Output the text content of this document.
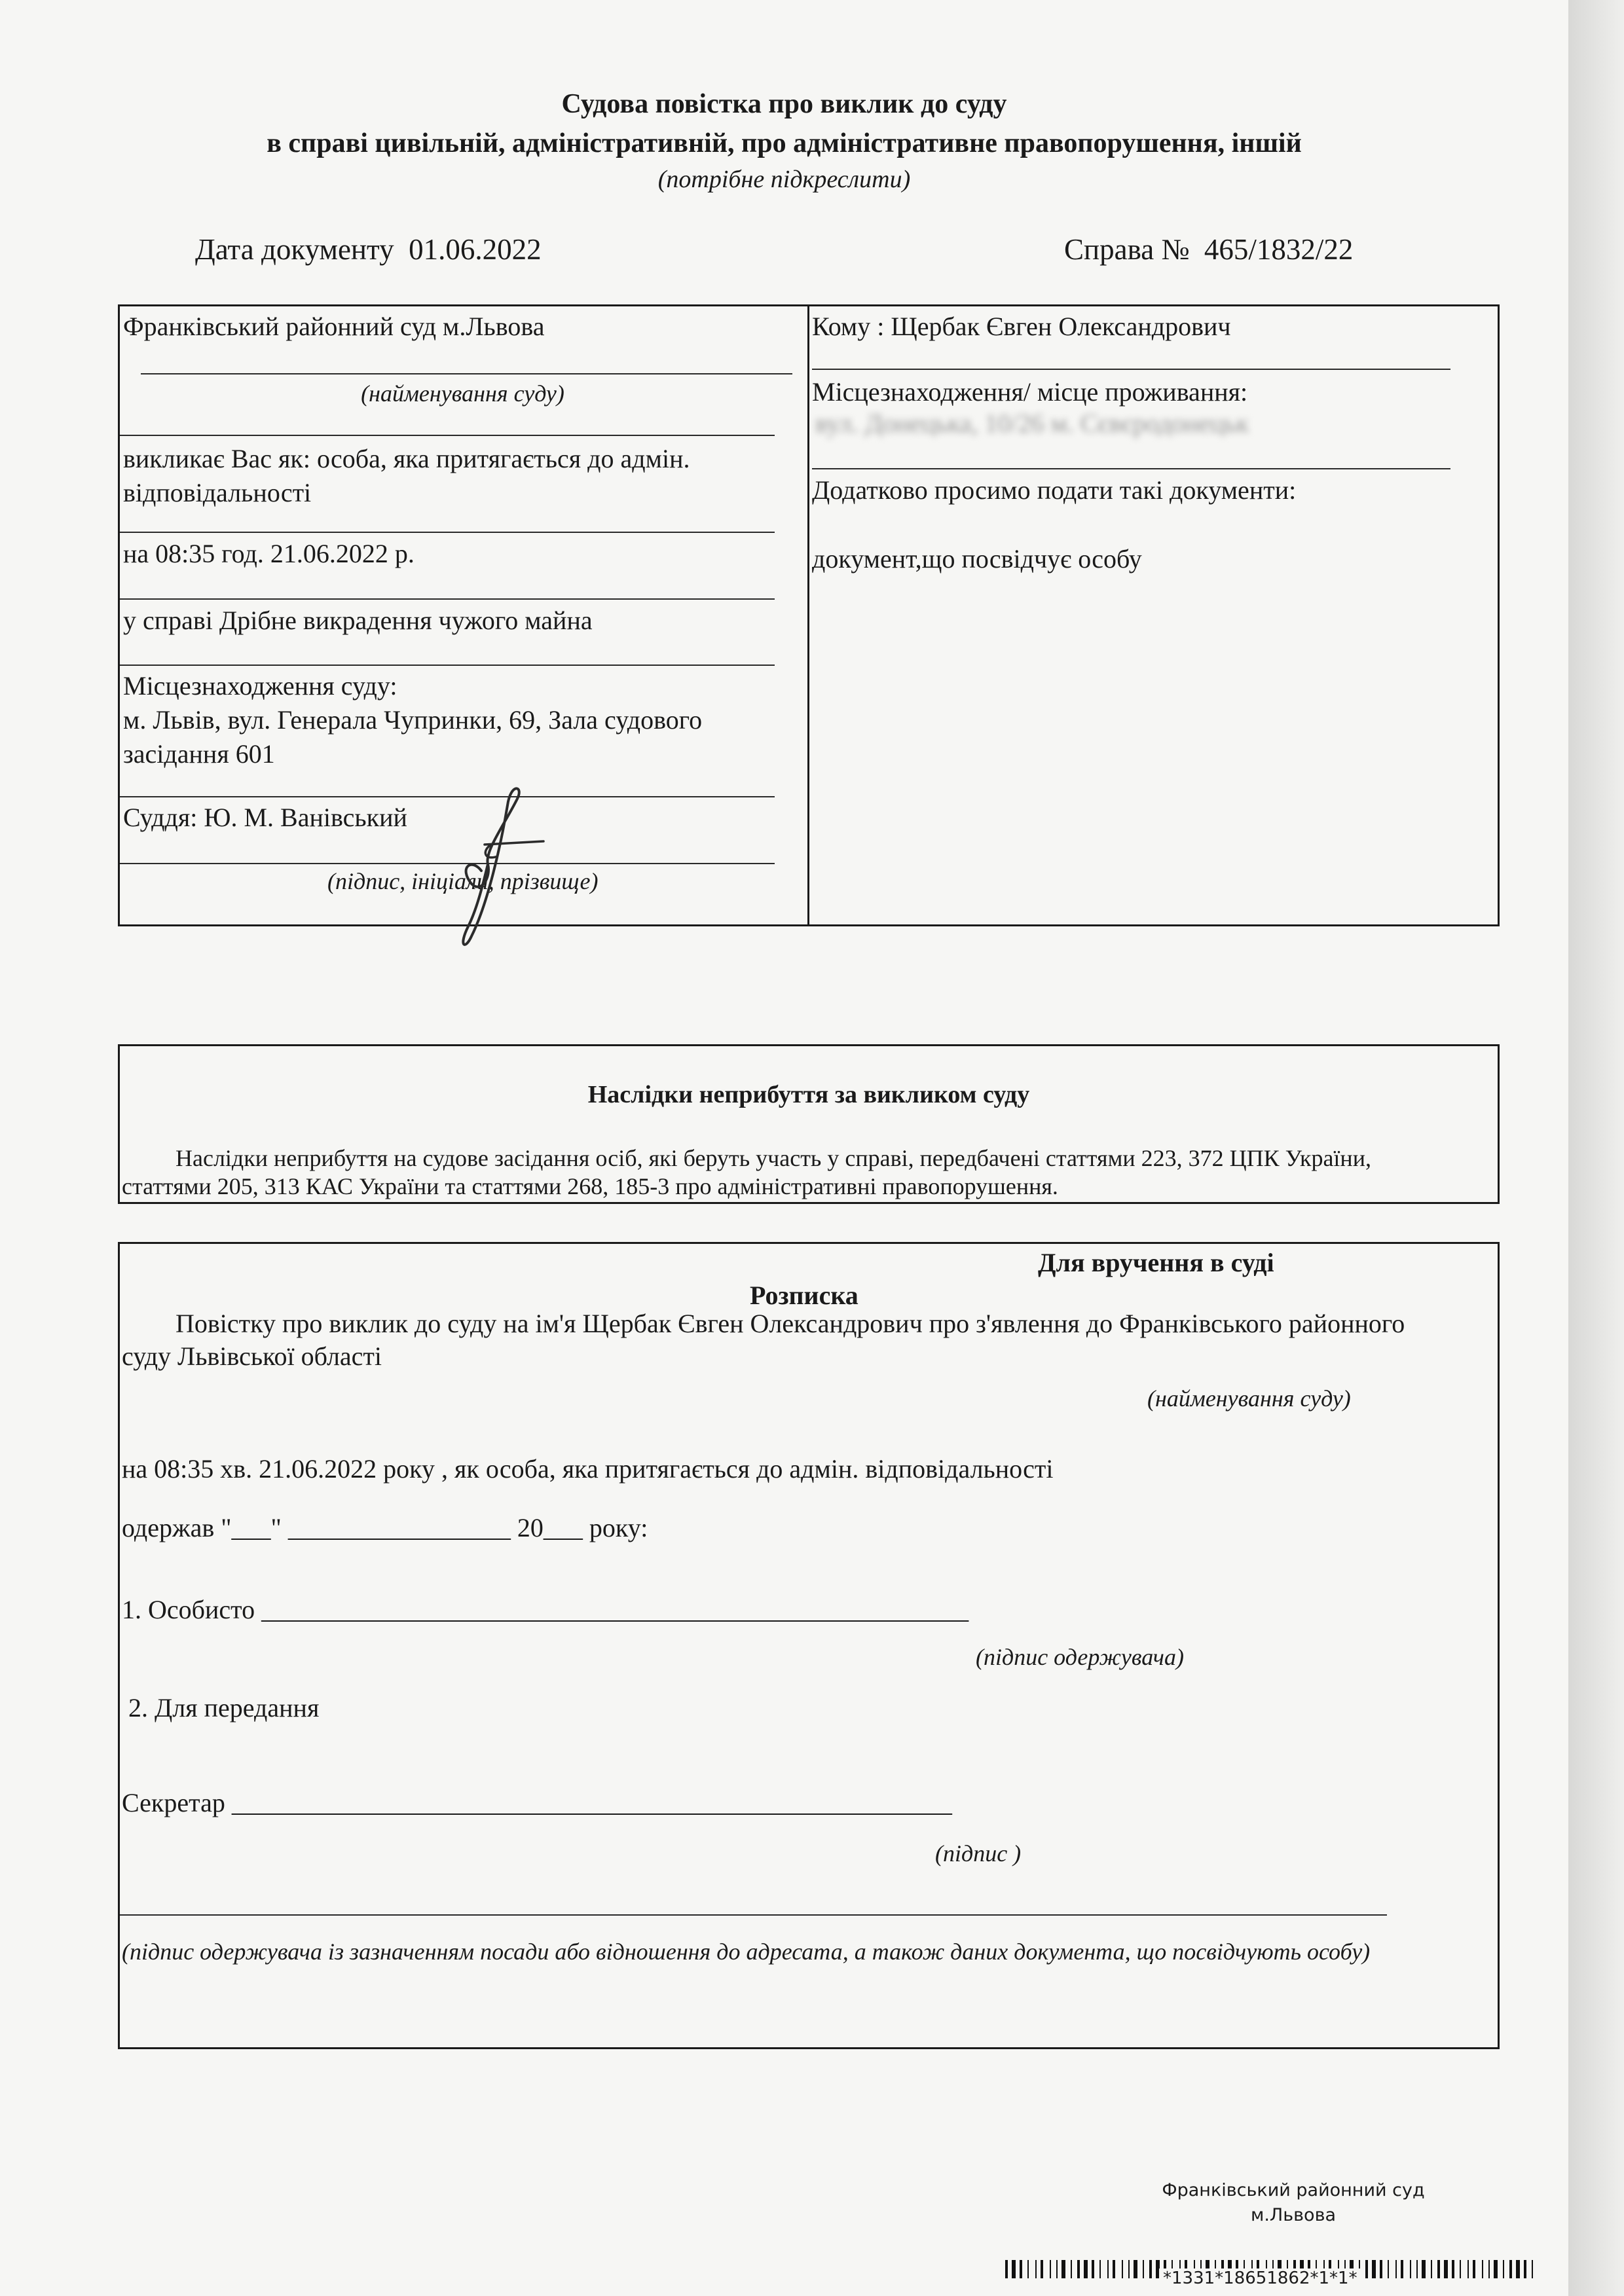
Судова повістка про виклик до суду
в справі цивільній, адміністративній, про адміністративне правопорушення, іншій
(потрібне підкреслити)
Дата документу 01.06.2022	Справа № 465/1832/22
Франківський районний суд м.Львова
(найменування суду)
викликає Вас як: особа, яка притягається до адмін.
відповідальності
на 08:35 год. 21.06.2022 р.
у справі Дрібне викрадення чужого майна
Місцезнаходження суду:
м. Львів, вул. Генерала Чупринки, 69, Зала судового
засідання 601
Суддя: Ю. М. Ванівський
(підпис, ініціали, прізвище)
Кому : Щербак Євген Олександрович
Місцезнаходження/ місце проживання:
вул. Донецька, 10/26 м. Сєвєродонецьк
Додатково просимо подати такі документи:
документ,що посвідчує особу
Наслідки неприбуття за викликом суду
Наслідки неприбуття на судове засідання осіб, які беруть участь у справі, передбачені статтями 223, 372 ЦПК України,
статтями 205, 313 КАС України та статтями 268, 185-3 про адміністративні правопорушення.
Для вручення в суді
Розписка
Повістку про виклик до суду на ім'я Щербак Євген Олександрович про з'явлення до Франківського районного
суду Львівської області
(найменування суду)
на 08:35 хв. 21.06.2022 року , як особа, яка притягається до адмін. відповідальності
одержав "___" _________________ 20___ року:
1. Особисто ______________________________________________________
(підпис одержувача)
2. Для передання
Секретар _______________________________________________________
(підпис )
(підпис одержувача із зазначенням посади або відношення до адресата, а також даних документа, що посвідчують особу)
Франківський районний суд
м.Львова
*1331*18651862*1*1*
